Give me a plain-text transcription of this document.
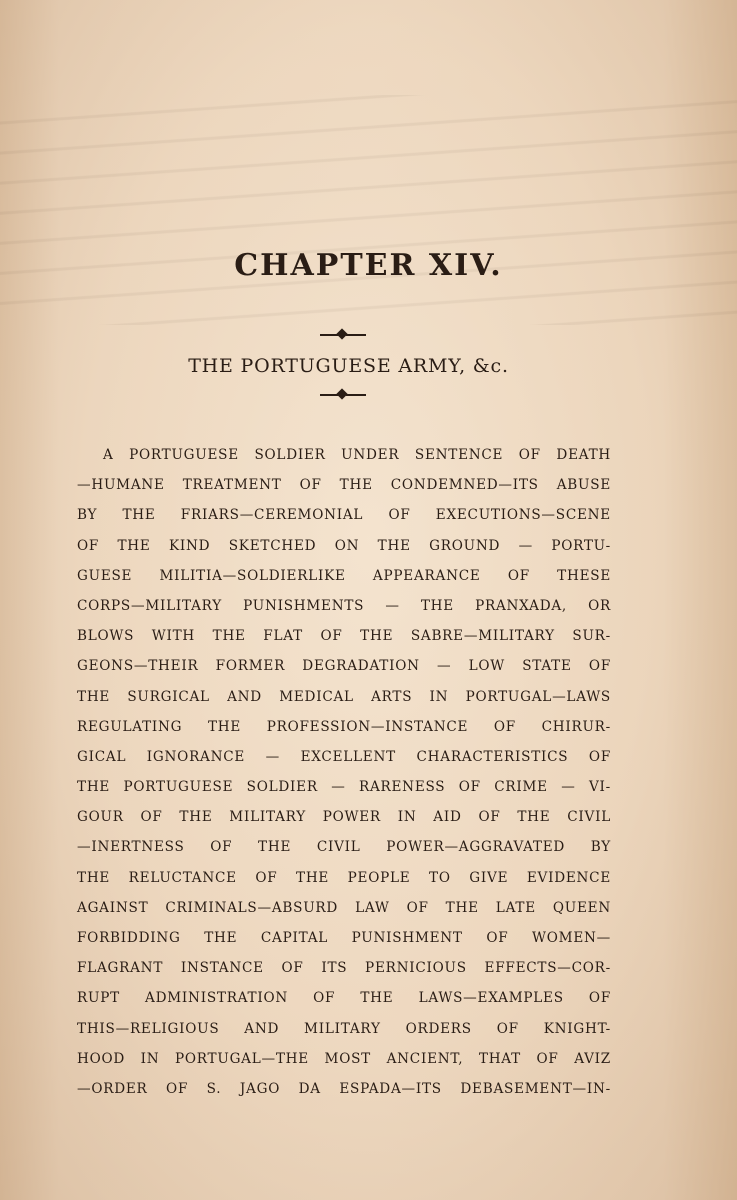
CHAPTER XIV.
THE PORTUGUESE ARMY, &c.
A PORTUGUESE SOLDIER UNDER SENTENCE OF DEATH
—HUMANE TREATMENT OF THE CONDEMNED—ITS ABUSE
BY THE FRIARS—CEREMONIAL OF EXECUTIONS—SCENE
OF THE KIND SKETCHED ON THE GROUND — PORTU-
GUESE MILITIA—SOLDIERLIKE APPEARANCE OF THESE
CORPS—MILITARY PUNISHMENTS — THE PRANXADA, OR
BLOWS WITH THE FLAT OF THE SABRE—MILITARY SUR-
GEONS—THEIR FORMER DEGRADATION — LOW STATE OF
THE SURGICAL AND MEDICAL ARTS IN PORTUGAL—LAWS
REGULATING THE PROFESSION—INSTANCE OF CHIRUR-
GICAL IGNORANCE — EXCELLENT CHARACTERISTICS OF
THE PORTUGUESE SOLDIER — RARENESS OF CRIME — VI-
GOUR OF THE MILITARY POWER IN AID OF THE CIVIL
—INERTNESS OF THE CIVIL POWER—AGGRAVATED BY
THE RELUCTANCE OF THE PEOPLE TO GIVE EVIDENCE
AGAINST CRIMINALS—ABSURD LAW OF THE LATE QUEEN
FORBIDDING THE CAPITAL PUNISHMENT OF WOMEN—
FLAGRANT INSTANCE OF ITS PERNICIOUS EFFECTS—COR-
RUPT ADMINISTRATION OF THE LAWS—EXAMPLES OF
THIS—RELIGIOUS AND MILITARY ORDERS OF KNIGHT-
HOOD IN PORTUGAL—THE MOST ANCIENT, THAT OF AVIZ
—ORDER OF S. JAGO DA ESPADA—ITS DEBASEMENT—IN-
